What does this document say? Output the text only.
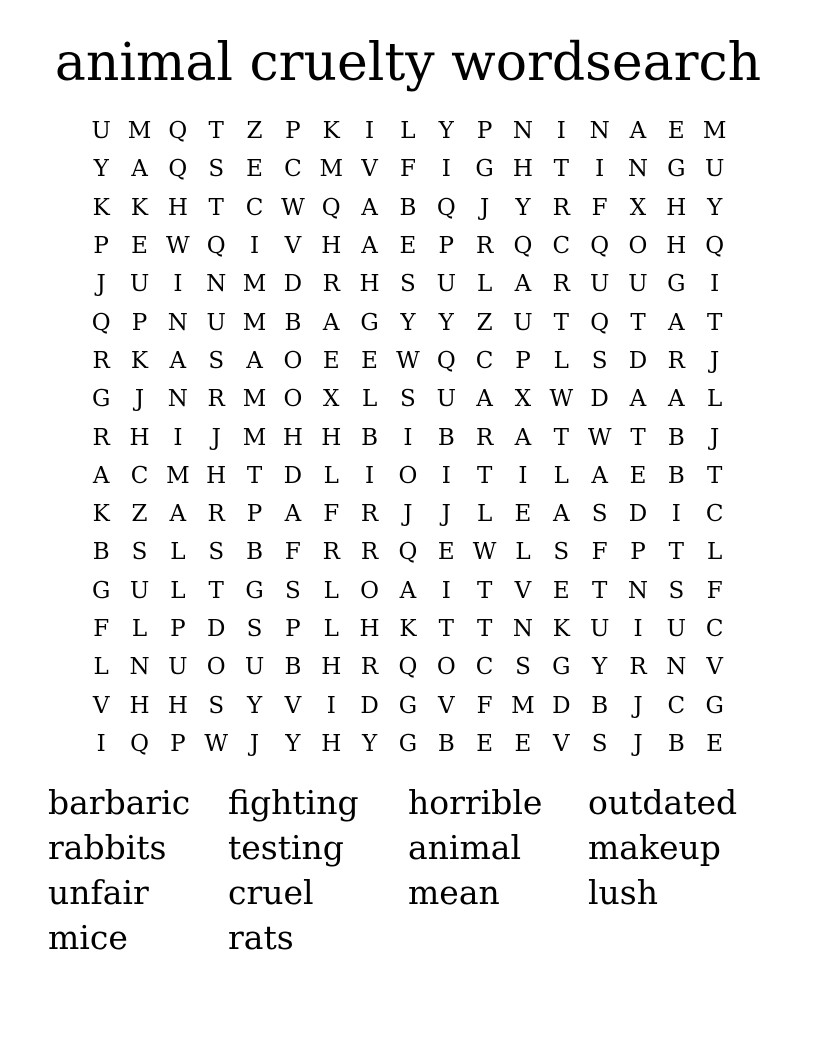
animal cruelty wordsearch
U M Q T Z P K	I	L	Y	P N	I	N A E M
Y A Q S E C M V F	I	G H T	I	N G U
K K H T C W Q A B Q	J	Y R F X H Y
P E W Q	I	V H A E P R Q C Q O H Q
J	U	I	N M D R H S U L A R U U G	I
Q P N U M B A G Y	Y Z U T Q T A T
R K A S A O E E W Q C P L S D R	J
G	J	N R M O X L S U A X W D A A L
R H	I	J M H H B	I	B R A T W T B	J
A C M H T D L	I	O	I	T	I	L A E B T
K Z A R P A F R	J	J	L E A S D	I	C
B S L S B F R R Q E W L S F P T	L
G U L	T G S L O A	I	T V E T N S F
F L P D S P L H K T	T N K U	I	U C
L N U O U B H R Q O C S G Y R N V
V H H S Y V	I	D G V F M D B	J	C G
I	Q P W J	Y H Y G B E E V S	J	B E
barbaric	fighting	horrible	outdated
rabbits	testing	animal	makeup
unfair	cruel	mean	lush
mice	rats
